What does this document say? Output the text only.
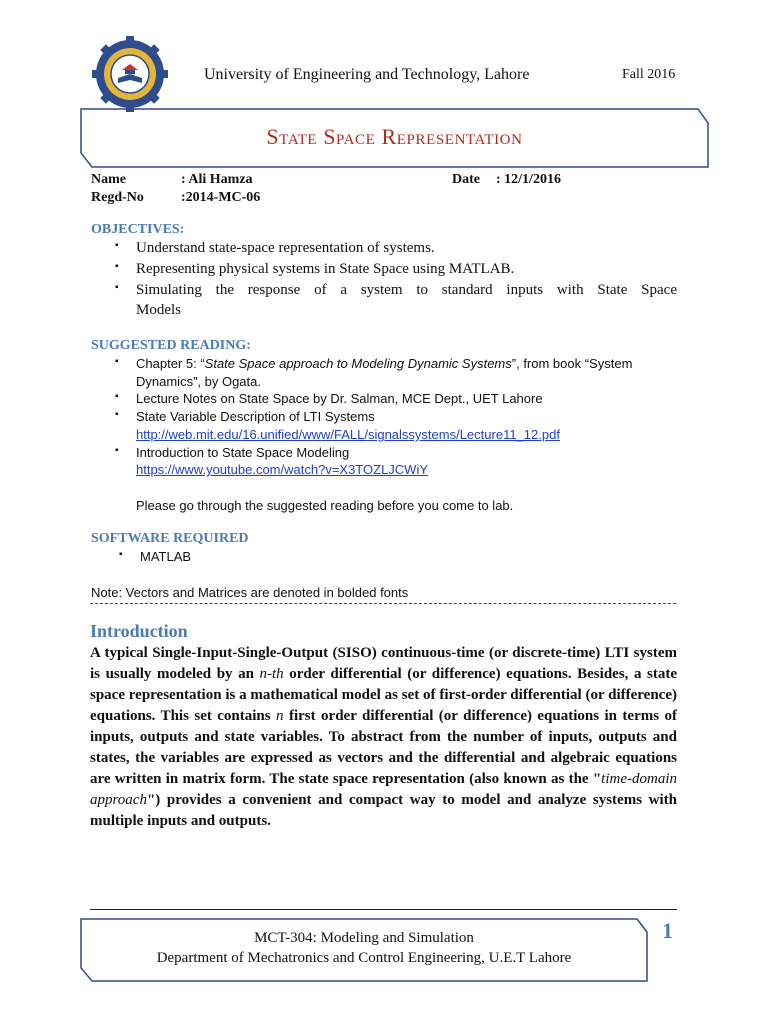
University of Engineering and Technology, Lahore	Fall 2016
State Space Representation
Name	: Ali Hamza	Date : 12/1/2016
Regd-No	:2014-MC-06
OBJECTIVES:
▪ Understand state-space representation of systems.
▪ Representing physical systems in State Space using MATLAB.
▪ Simulating the response of a system to standard inputs with State Space
Models
SUGGESTED READING:
▪ Chapter 5: “State Space approach to Modeling Dynamic Systems”, from book “System
Dynamics”, by Ogata.
▪ Lecture Notes on State Space by Dr. Salman, MCE Dept., UET Lahore
▪ State Variable Description of LTI Systems
http://web.mit.edu/16.unified/www/FALL/signalssystems/Lecture11_12.pdf
▪ Introduction to State Space Modeling
https://www.youtube.com/watch?v=X3TOZLJCWiY
Please go through the suggested reading before you come to lab.
SOFTWARE REQUIRED
▪ MATLAB
Note: Vectors and Matrices are denoted in bolded fonts
Introduction
A typical Single-Input-Single-Output (SISO) continuous-time (or discrete-time) LTI system is usually modeled by an n-th order differential (or difference) equations. Besides, a state space representation is a mathematical model as set of first-order differential (or difference) equations. This set contains n first order differential (or difference) equations in terms of inputs, outputs and state variables. To abstract from the number of inputs, outputs and states, the variables are expressed as vectors and the differential and algebraic equations are written in matrix form. The state space representation (also known as the "time-domain approach") provides a convenient and compact way to model and analyze systems with multiple inputs and outputs.
MCT-304: Modeling and Simulation
Department of Mechatronics and Control Engineering, U.E.T Lahore
1
